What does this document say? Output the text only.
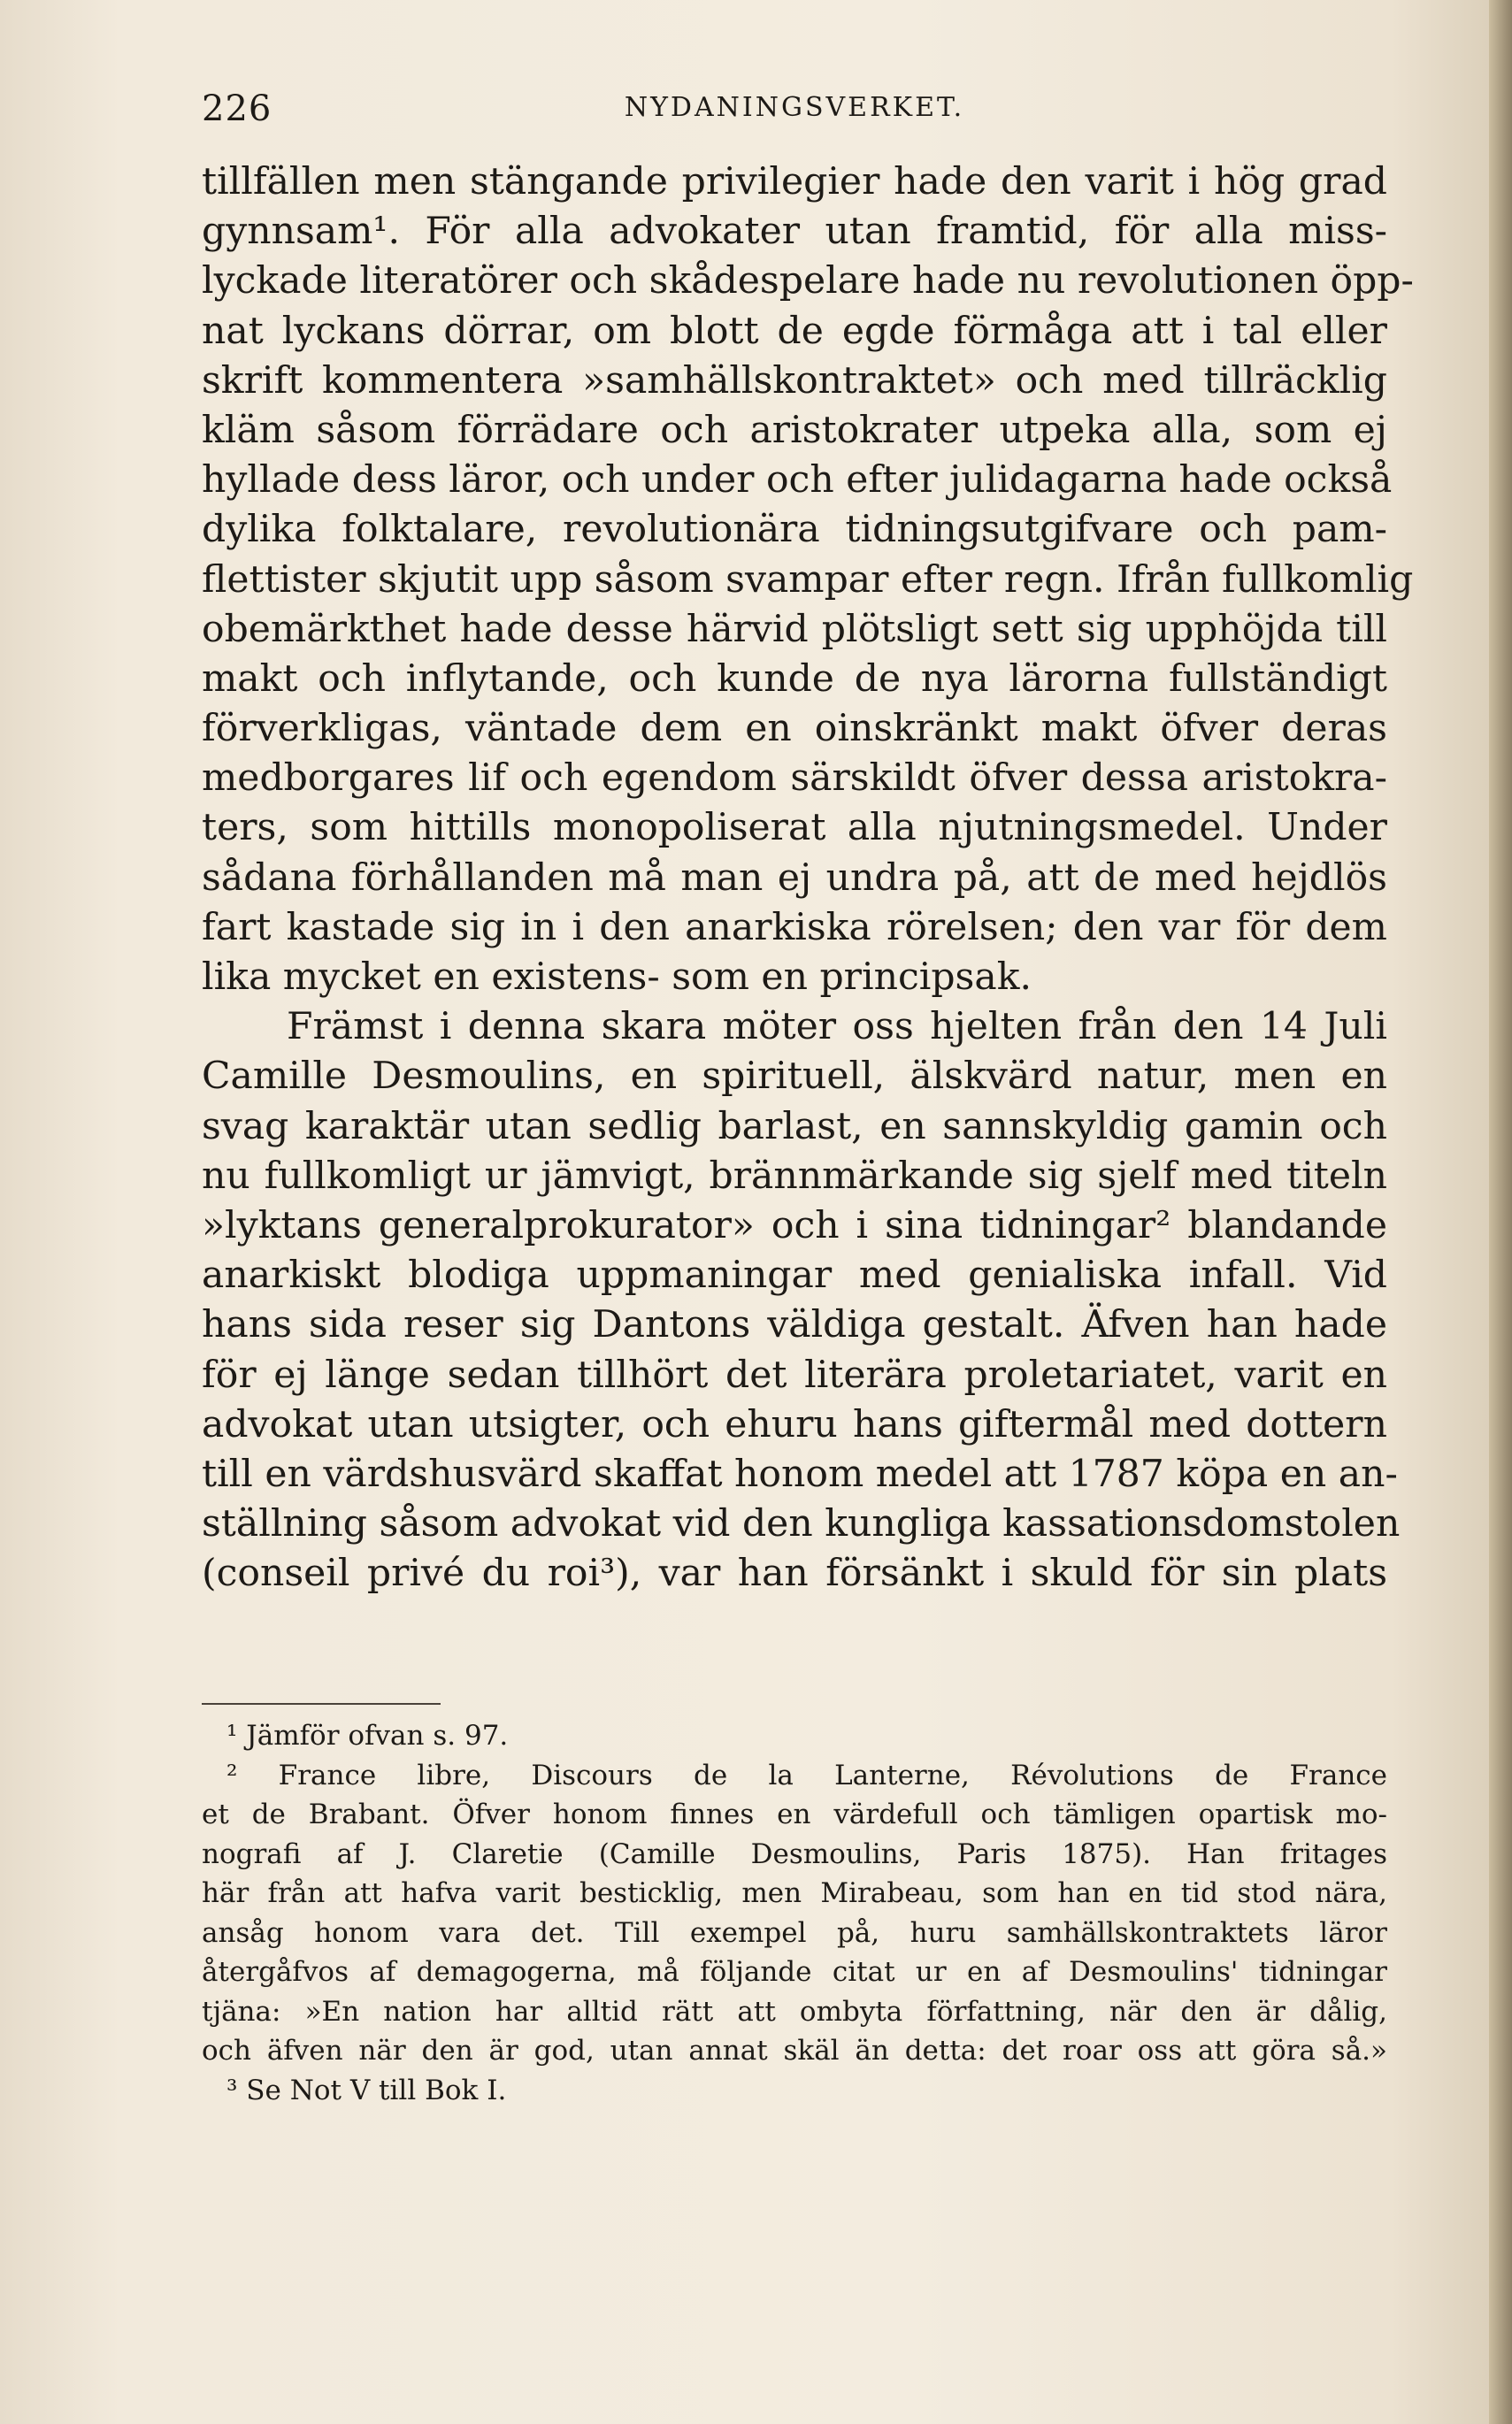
226	NYDANINGSVERKET.
tillfällen men stängande privilegier hade den varit i hög grad
gynnsam¹. För alla advokater utan framtid, för alla miss-
lyckade literatörer och skådespelare hade nu revolutionen öpp-
nat lyckans dörrar, om blott de egde förmåga att i tal eller
skrift kommentera »samhällskontraktet» och med tillräcklig
kläm såsom förrädare och aristokrater utpeka alla, som ej
hyllade dess läror, och under och efter julidagarna hade också
dylika folktalare, revolutionära tidningsutgifvare och pam-
flettister skjutit upp såsom svampar efter regn. Ifrån fullkomlig
obemärkthet hade desse härvid plötsligt sett sig upphöjda till
makt och inflytande, och kunde de nya lärorna fullständigt
förverkligas, väntade dem en oinskränkt makt öfver deras
medborgares lif och egendom särskildt öfver dessa aristokra-
ters, som hittills monopoliserat alla njutningsmedel. Under
sådana förhållanden må man ej undra på, att de med hejdlös
fart kastade sig in i den anarkiska rörelsen; den var för dem
lika mycket en existens- som en principsak.
Främst i denna skara möter oss hjelten från den 14 Juli
Camille Desmoulins, en spirituell, älskvärd natur, men en
svag karaktär utan sedlig barlast, en sannskyldig gamin och
nu fullkomligt ur jämvigt, brännmärkande sig sjelf med titeln
»lyktans generalprokurator» och i sina tidningar² blandande
anarkiskt blodiga uppmaningar med genialiska infall. Vid
hans sida reser sig Dantons väldiga gestalt. Äfven han hade
för ej länge sedan tillhört det literära proletariatet, varit en
advokat utan utsigter, och ehuru hans giftermål med dottern
till en värdshusvärd skaffat honom medel att 1787 köpa en an-
ställning såsom advokat vid den kungliga kassationsdomstolen
(conseil privé du roi³), var han försänkt i skuld för sin plats
¹ Jämför ofvan s. 97.
² France libre, Discours de la Lanterne, Révolutions de France
et de Brabant. Öfver honom finnes en värdefull och tämligen opartisk mo-
nografi af J. Claretie (Camille Desmoulins, Paris 1875). Han fritages
här från att hafva varit besticklig, men Mirabeau, som han en tid stod nära,
ansåg honom vara det. Till exempel på, huru samhällskontraktets läror
återgåfvos af demagogerna, må följande citat ur en af Desmoulins' tidningar
tjäna: »En nation har alltid rätt att ombyta författning, när den är dålig,
och äfven när den är god, utan annat skäl än detta: det roar oss att göra så.»
³ Se Not V till Bok I.
